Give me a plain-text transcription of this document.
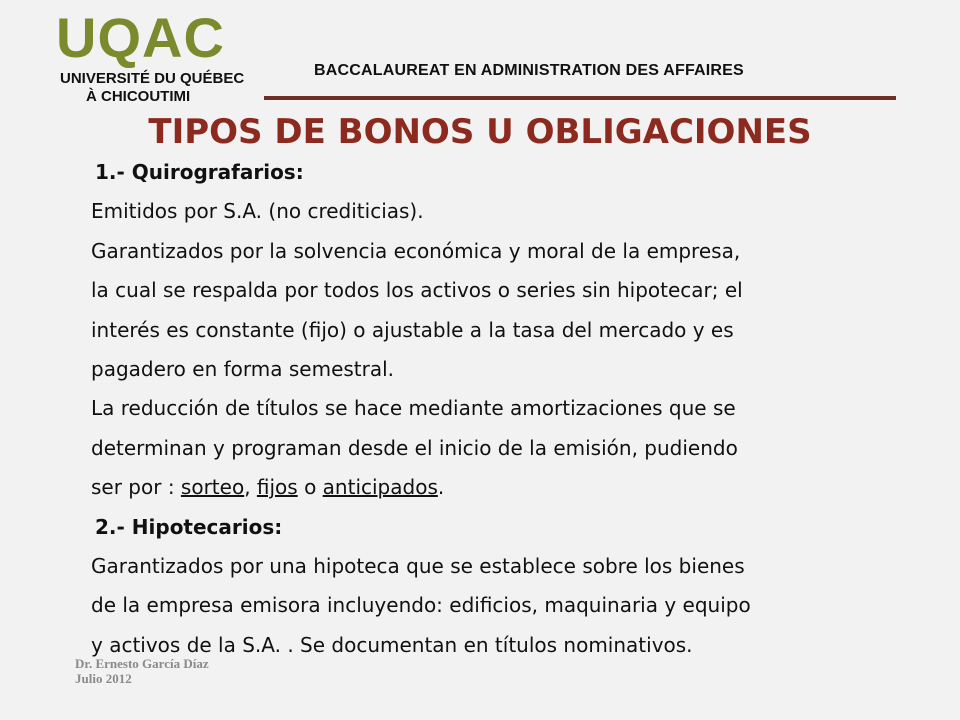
UQAC
UNIVERSITÉ DU QUÉBEC
À CHICOUTIMI
BACCALAUREAT EN ADMINISTRATION DES AFFAIRES
TIPOS DE BONOS U OBLIGACIONES
1.- Quirografarios:
Emitidos por S.A. (no crediticias).
Garantizados por la solvencia económica y moral de la empresa,
la cual se respalda por todos los activos o series sin hipotecar; el
interés es constante (fijo) o ajustable a la tasa del mercado y es
pagadero en forma semestral.
La reducción de títulos se hace mediante amortizaciones que se
determinan y programan desde el inicio de la emisión, pudiendo
ser por : sorteo, fijos o anticipados.
2.- Hipotecarios:
Garantizados por una hipoteca que se establece sobre los bienes
de la empresa emisora incluyendo: edificios, maquinaria y equipo
y activos de la S.A. . Se documentan en títulos nominativos.
Dr. Ernesto García Díaz
Julio 2012
